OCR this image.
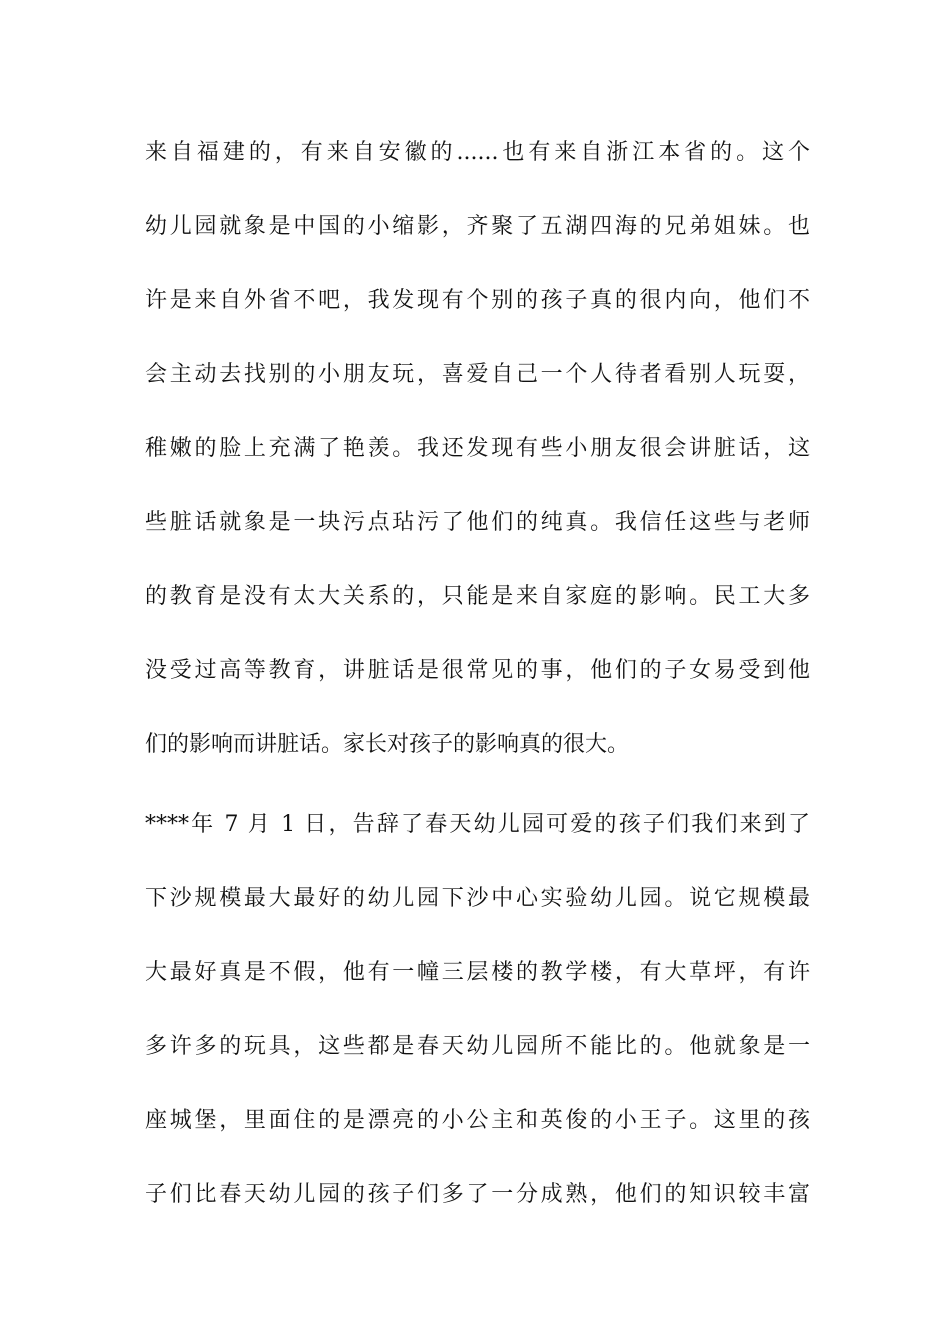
来自福建的，有来自安徽的......也有来自浙江本省的。这个
幼儿园就象是中国的小缩影，齐聚了五湖四海的兄弟姐妹。也
许是来自外省不吧，我发现有个别的孩子真的很内向，他们不
会主动去找别的小朋友玩，喜爱自己一个人待者看别人玩耍，
稚嫩的脸上充满了艳羡。我还发现有些小朋友很会讲脏话，这
些脏话就象是一块污点玷污了他们的纯真。我信任这些与老师
的教育是没有太大关系的，只能是来自家庭的影响。民工大多
没受过高等教育，讲脏话是很常见的事，他们的子女易受到他
们的影响而讲脏话。家长对孩子的影响真的很大。
****年 7 月 1 日，告辞了春天幼儿园可爱的孩子们我们来到了
下沙规模最大最好的幼儿园下沙中心实验幼儿园。说它规模最
大最好真是不假，他有一幢三层楼的教学楼，有大草坪，有许
多许多的玩具，这些都是春天幼儿园所不能比的。他就象是一
座城堡，里面住的是漂亮的小公主和英俊的小王子。这里的孩
子们比春天幼儿园的孩子们多了一分成熟，他们的知识较丰富
